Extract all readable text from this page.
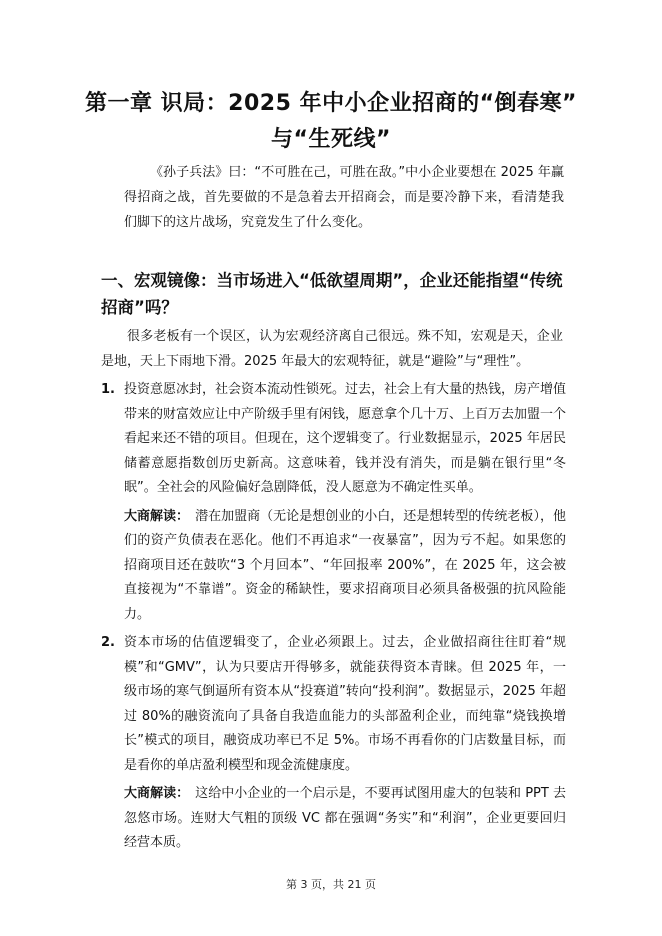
第一章 识局：2025 年中小企业招商的“倒春寒”
与“生死线”
《孙子兵法》曰：“不可胜在己，可胜在敌。”中小企业要想在 2025 年赢得招商之战，首先要做的不是急着去开招商会，而是要冷静下来，看清楚我们脚下的这片战场，究竟发生了什么变化。
一、宏观镜像：当市场进入“低欲望周期”，企业还能指望“传统招商”吗？
很多老板有一个误区，认为宏观经济离自己很远。殊不知，宏观是天，企业是地，天上下雨地下滑。2025 年最大的宏观特征，就是“避险”与“理性”。
1. 投资意愿冰封，社会资本流动性锁死。过去，社会上有大量的热钱，房产增值带来的财富效应让中产阶级手里有闲钱，愿意拿个几十万、上百万去加盟一个看起来还不错的项目。但现在，这个逻辑变了。行业数据显示，2025 年居民储蓄意愿指数创历史新高。这意味着，钱并没有消失，而是躺在银行里“冬眠”。全社会的风险偏好急剧降低，没人愿意为不确定性买单。
大商解读： 潜在加盟商（无论是想创业的小白，还是想转型的传统老板），他们的资产负债表在恶化。他们不再追求“一夜暴富”，因为亏不起。如果您的招商项目还在鼓吹“3 个月回本”、“年回报率 200%”，在 2025 年，这会被直接视为“不靠谱”。资金的稀缺性，要求招商项目必须具备极强的抗风险能力。
2. 资本市场的估值逻辑变了，企业必须跟上。过去，企业做招商往往盯着“规模”和“GMV”，认为只要店开得够多，就能获得资本青睐。但 2025 年，一级市场的寒气倒逼所有资本从“投赛道”转向“投利润”。数据显示，2025 年超过 80%的融资流向了具备自我造血能力的头部盈利企业，而纯靠“烧钱换增长”模式的项目，融资成功率已不足 5%。市场不再看你的门店数量目标，而是看你的单店盈利模型和现金流健康度。
大商解读： 这给中小企业的一个启示是，不要再试图用虚大的包装和 PPT 去忽悠市场。连财大气粗的顶级 VC 都在强调“务实”和“利润”，企业更要回归经营本质。
第 3 页，共 21 页
